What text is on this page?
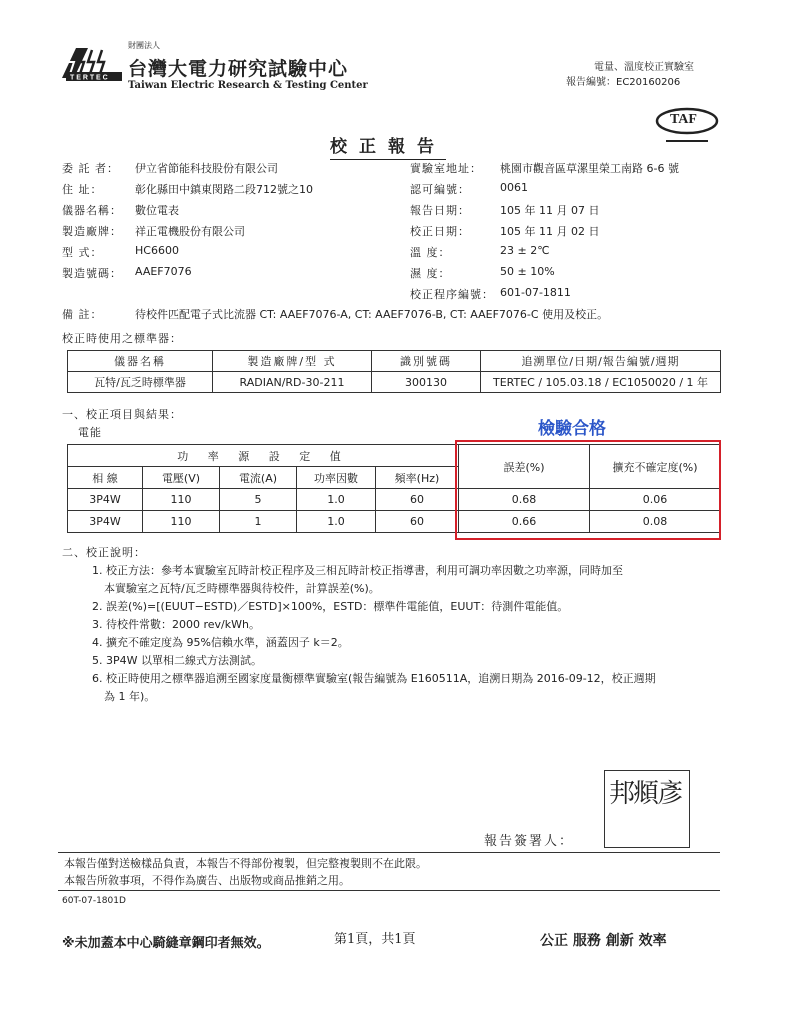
T E R T E C
財團法人
台灣大電力研究試驗中心
Taiwan Electric Research & Testing Center
電量、溫度校正實驗室
報告編號：EC20160206
TAF
校正報告
委 託 者： 伊立省節能科技股份有限公司
住 址：	彰化縣田中鎮東閔路二段712號之10
儀器名稱： 數位電表
製造廠牌： 祥正電機股份有限公司
型 式：	HC6600
製造號碼： AAEF7076
實驗室地址： 桃園市觀音區草漯里榮工南路 6-6 號
認可編號：	0061
報告日期：	105 年 11 月 07 日
校正日期：	105 年 11 月 02 日
溫 度：	23 ± 2℃
濕 度：	50 ± 10%
校正程序編號： 601-07-1811
備 註：	待校件匹配電子式比流器 CT: AAEF7076-A, CT: AAEF7076-B, CT: AAEF7076-C 使用及校正。
校正時使用之標準器：
儀器名稱	製造廠牌/型 式	識別號碼	追溯單位/日期/報告編號/週期
瓦特/瓦乏時標準器	RADIAN/RD-30-211	300130	TERTEC / 105.03.18 / EC1050020 / 1 年
一、校正項目與結果：
電能	檢驗合格
功 率 源 設 定 值					誤差(%)	擴充不確定度(%)
相 線	電壓(V)	電流(A)	功率因數	頻率(Hz)		
3P4W	110	5	1.0	60	0.68	0.06
3P4W	110	1	1.0	60	0.66	0.08
二、校正說明：
1. 校正方法：參考本實驗室瓦時計校正程序及三相瓦時計校正指導書，利用可調功率因數之功率源，同時加至
本實驗室之瓦特/瓦乏時標準器與待校件，計算誤差(%)。
2. 誤差(%)=[(EUUT−ESTD)／ESTD]×100%，ESTD：標準件電能值，EUUT：待測件電能值。
3. 待校件常數：2000 rev/kWh。
4. 擴充不確定度為 95%信賴水準，涵蓋因子 k＝2。
5. 3P4W 以單相二線式方法測試。
6. 校正時使用之標準器追溯至國家度量衡標準實驗室(報告編號為 E160511A，追溯日期為 2016-09-12，校正週期
為 1 年)。
報告簽署人：
邦頫彥
本報告僅對送檢樣品負責，本報告不得部份複製，但完整複製則不在此限。
本報告所敘事項，不得作為廣告、出版物或商品推銷之用。
60T-07-1801D
※未加蓋本中心騎縫章鋼印者無效。	第1頁，共1頁	公正 服務 創新 效率
